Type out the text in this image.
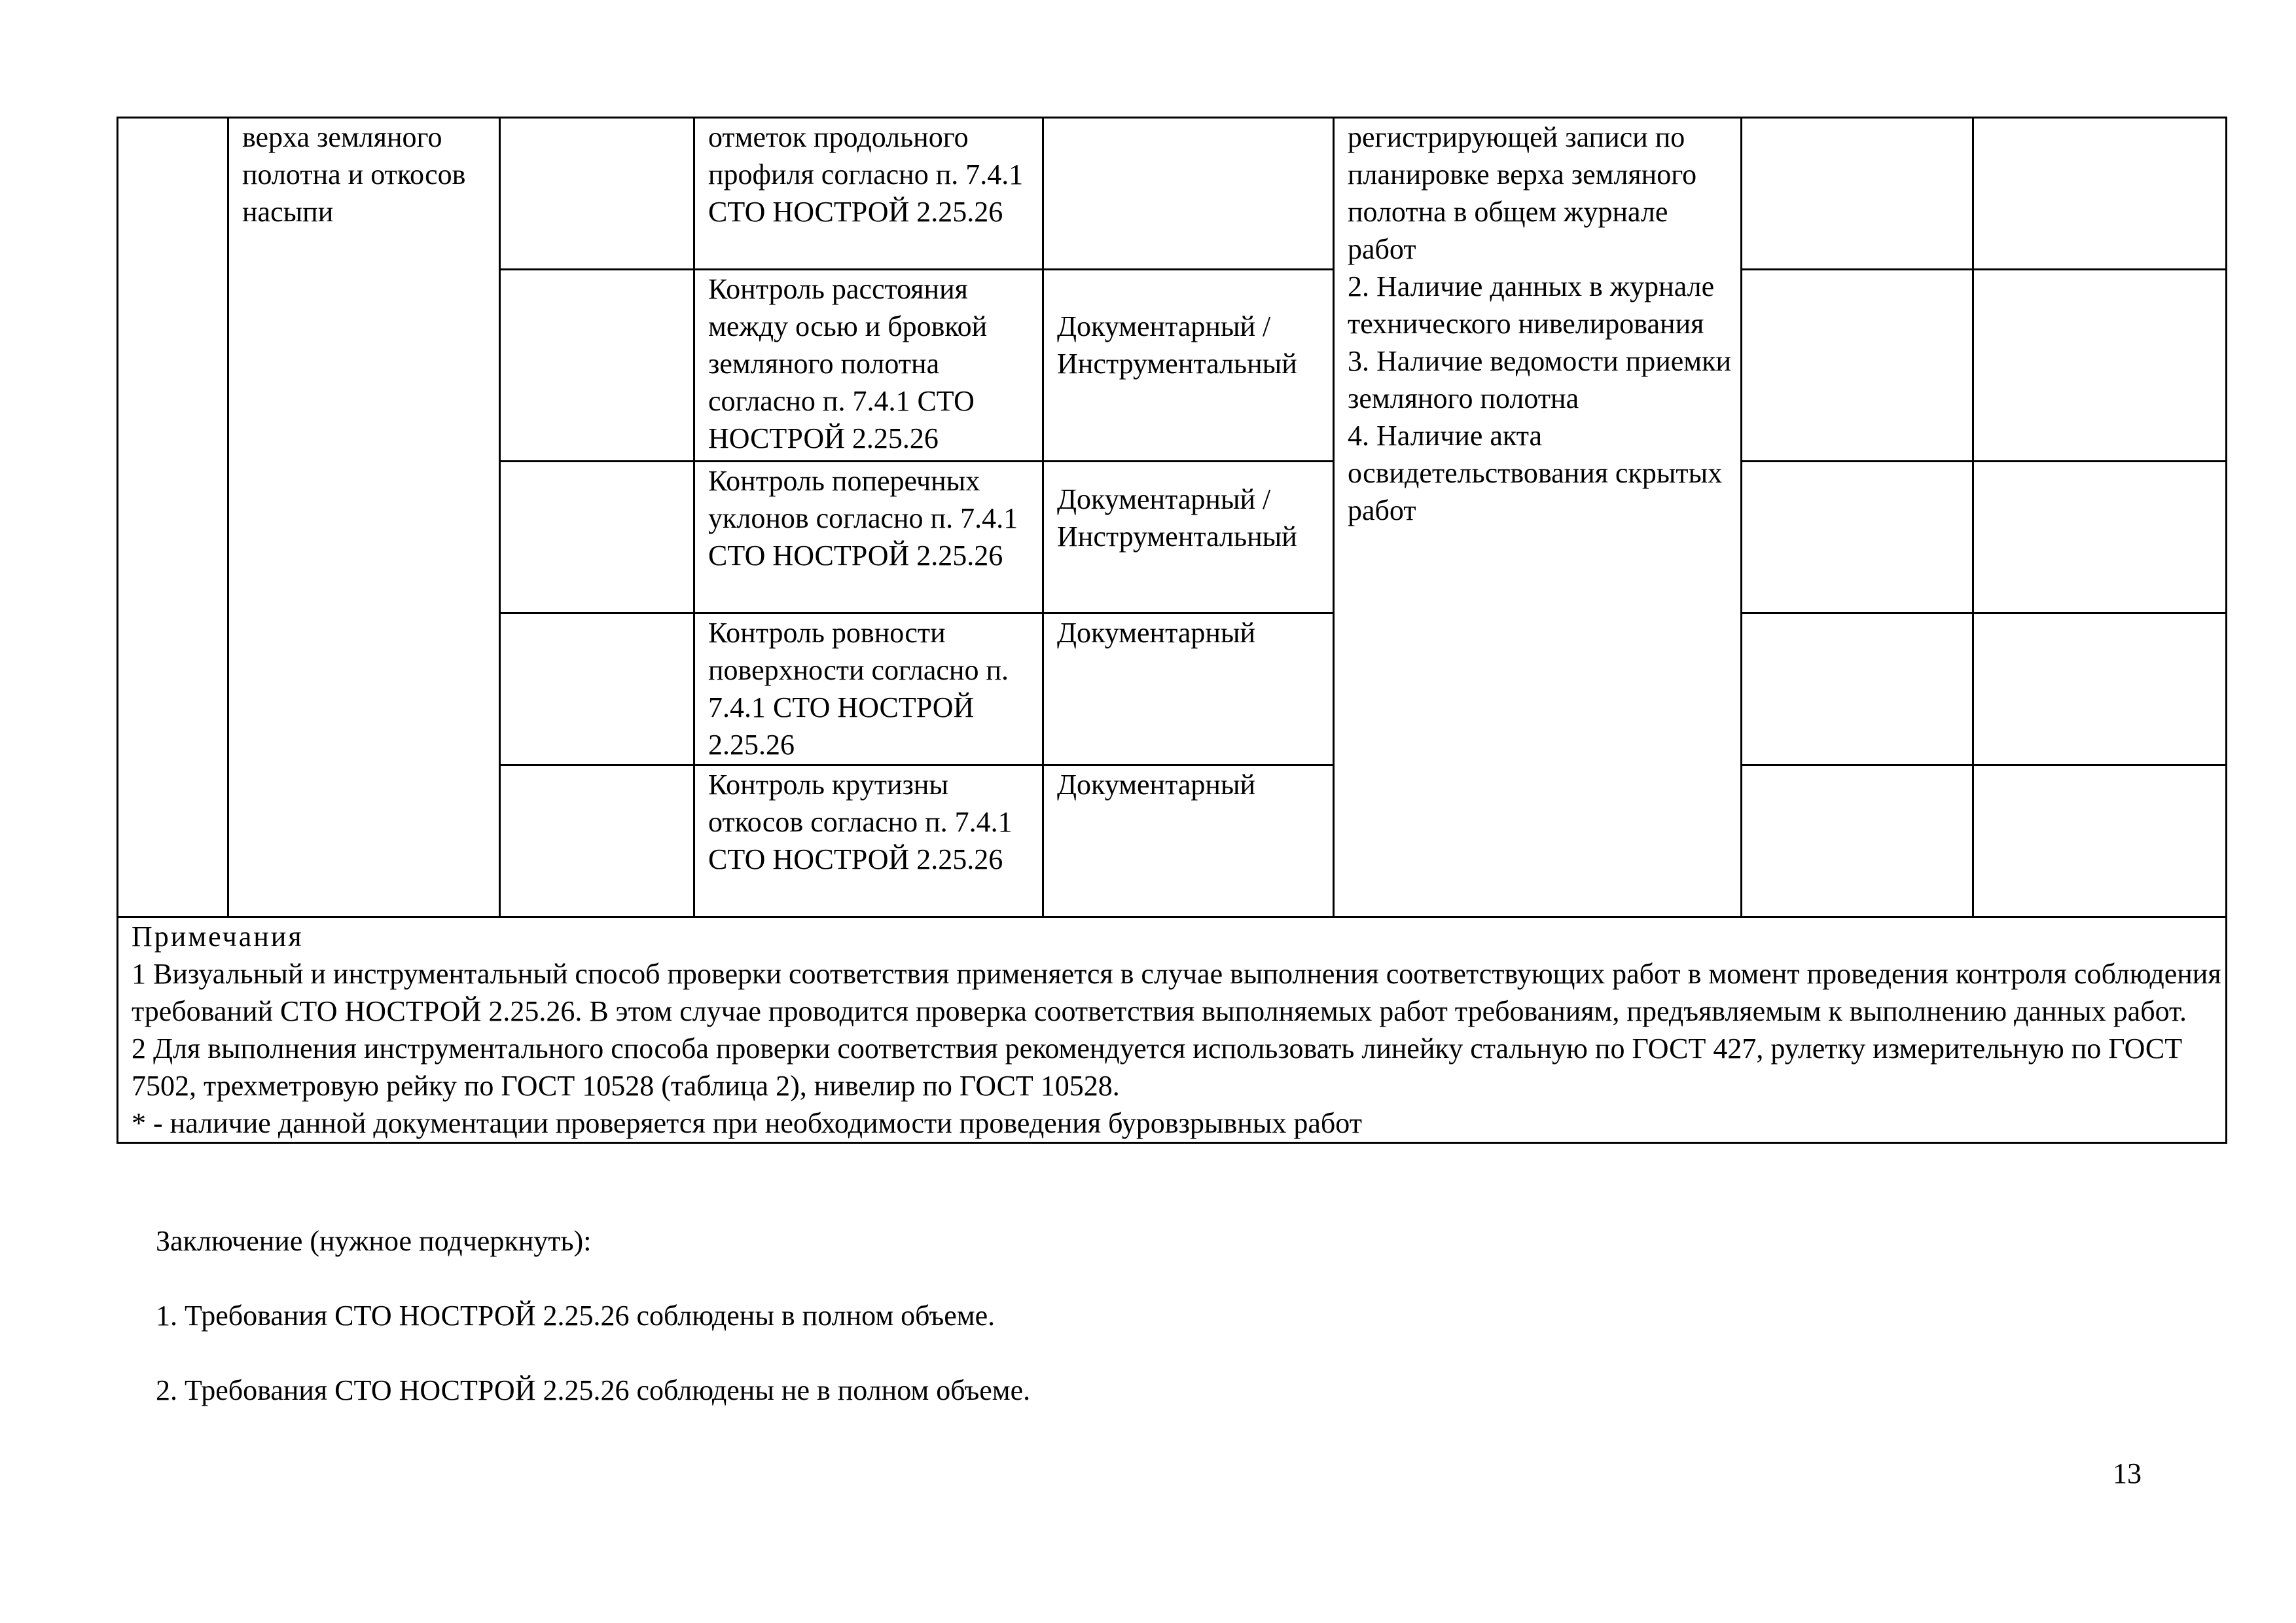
	верха земляного полотна и откосов насыпи		отметок продольного профиля согласно п. 7.4.1 СТО НОСТРОЙ 2.25.26		регистрирующей записи по планировке верха земляного полотна в общем журнале работ
2. Наличие данных в журнале технического нивелирования
3. Наличие ведомости приемки земляного полотна
4. Наличие акта освидетельствования скрытых работ		
			Контроль расстояния между осью и бровкой земляного полотна согласно п. 7.4.1 СТО НОСТРОЙ 2.25.26	Документарный / Инструментальный			
			Контроль поперечных уклонов согласно п. 7.4.1 СТО НОСТРОЙ 2.25.26	Документарный / Инструментальный			
			Контроль ровности поверхности согласно п. 7.4.1 СТО НОСТРОЙ 2.25.26	Документарный			
			Контроль крутизны откосов согласно п. 7.4.1 СТО НОСТРОЙ 2.25.26	Документарный			

Примечания
1 Визуальный и инструментальный способ проверки соответствия применяется в случае выполнения соответствующих работ в момент проведения контроля соблюдения требований СТО НОСТРОЙ 2.25.26. В этом случае проводится проверка соответствия выполняемых работ требованиям, предъявляемым к выполнению данных работ.
2 Для выполнения инструментального способа проверки соответствия рекомендуется использовать линейку стальную по ГОСТ 427, рулетку измерительную по ГОСТ 7502, трехметровую рейку по ГОСТ 10528 (таблица 2), нивелир по ГОСТ 10528.
* - наличие данной документации проверяется при необходимости проведения буровзрывных работ							
Заключение (нужное подчеркнуть):
1. Требования СТО НОСТРОЙ 2.25.26 соблюдены в полном объеме.
2. Требования СТО НОСТРОЙ 2.25.26 соблюдены не в полном объеме.
13
